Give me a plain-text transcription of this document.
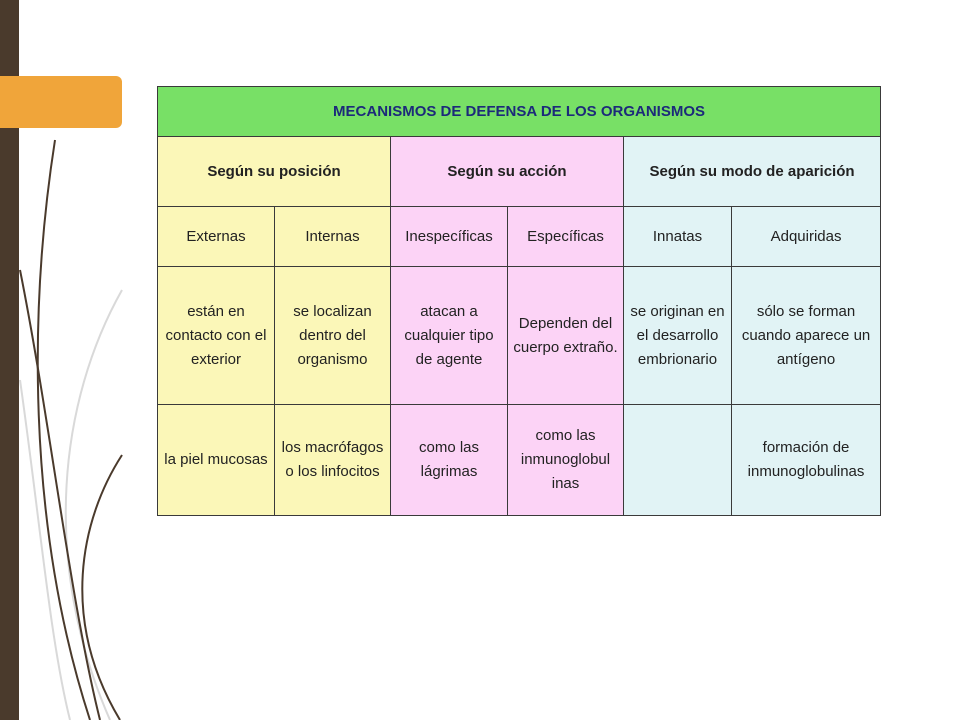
MECANISMOS DE DEFENSA DE LOS ORGANISMOS					
Según su posición		Según su acción		Según su modo de aparición	
Externas	Internas	Inespecíficas	Específicas	Innatas	Adquiridas
están en contacto con el exterior	se localizan dentro del organismo	atacan a cualquier tipo de agente	Dependen del cuerpo extraño.	se originan en el desarrollo embrionario	sólo se forman cuando aparece un antígeno
la piel mucosas	los macrófagos o los linfocitos	como las lágrimas	como las inmunoglobul inas		formación de inmunoglobulinas
